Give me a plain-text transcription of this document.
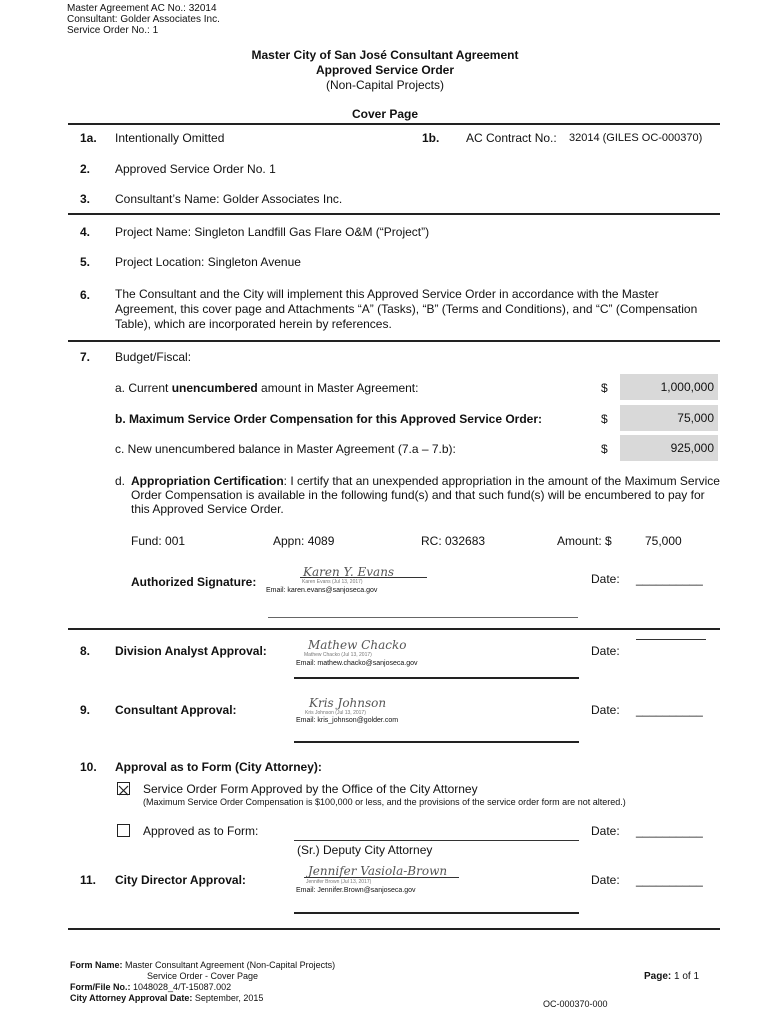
Master Agreement AC No.: 32014
Consultant: Golder Associates Inc.
Service Order No.: 1
Master City of San José Consultant Agreement
Approved Service Order
(Non-Capital Projects)
Cover Page
1a. Intentionally Omitted	1b. AC Contract No.: 32014 (GILES OC-000370)
2. Approved Service Order No. 1
3. Consultant’s Name: Golder Associates Inc.
4. Project Name: Singleton Landfill Gas Flare O&M (“Project”)
5. Project Location: Singleton Avenue
6. The Consultant and the City will implement this Approved Service Order in accordance with the Master Agreement, this cover page and Attachments “A” (Tasks), “B” (Terms and Conditions), and “C” (Compensation Table), which are incorporated herein by references.
7. Budget/Fiscal:
a. Current unencumbered amount in Master Agreement:	$	1,000,000
b. Maximum Service Order Compensation for this Approved Service Order:	$	75,000
c. New unencumbered balance in Master Agreement (7.a – 7.b):	$	925,000
d. Appropriation Certification: I certify that an unexpended appropriation in the amount of the Maximum Service Order Compensation is available in the following fund(s) and that such fund(s) will be encumbered to pay for this Approved Service Order.
Fund: 001	Appn: 4089	RC: 032683	Amount: $	75,000
Authorized Signature:
Karen Y. Evans
Karen Evans (Jul 13, 2017)
Email: karen.evans@sanjoseca.gov
Date: __________
8. Division Analyst Approval:	Mathew Chacko
Mathew Chacko (Jul 13, 2017)
Email: mathew.chacko@sanjoseca.gov
Date:
9. Consultant Approval:	Kris Johnson
Kris Johnson (Jul 13, 2017)
Email: kris_johnson@golder.com
Date: __________
10. Approval as to Form (City Attorney):
Service Order Form Approved by the Office of the City Attorney
(Maximum Service Order Compensation is $100,000 or less, and the provisions of the service order form are not altered.)
Approved as to Form:	Date: __________
(Sr.) Deputy City Attorney
11. City Director Approval:
Jennifer Vasiola-Brown
Jennifer Brown (Jul 13, 2017)
Email: Jennifer.Brown@sanjoseca.gov
Date: __________
Form Name: Master Consultant Agreement (Non-Capital Projects)
Service Order - Cover Page
Form/File No.: 1048028_4/T-15087.002
City Attorney Approval Date: September, 2015
Page: 1 of 1
OC-000370-000
